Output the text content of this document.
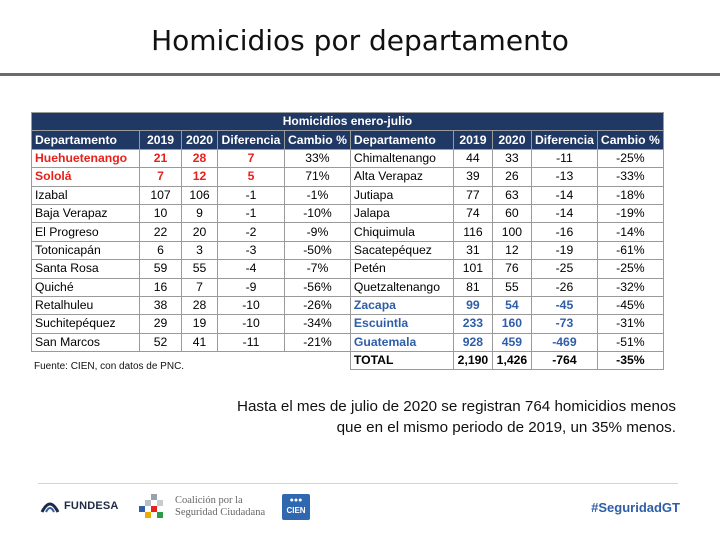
Homicidios por departamento
Homicidios enero-julio									
Departamento	2019	2020	Diferencia	Cambio %	Departamento	2019	2020	Diferencia	Cambio %
Huehuetenango	21	28	7	33%	Chimaltenango	44	33	-11	-25%
Sololá	7	12	5	71%	Alta Verapaz	39	26	-13	-33%
Izabal	107	106	-1	-1%	Jutiapa	77	63	-14	-18%
Baja Verapaz	10	9	-1	-10%	Jalapa	74	60	-14	-19%
El Progreso	22	20	-2	-9%	Chiquimula	116	100	-16	-14%
Totonicapán	6	3	-3	-50%	Sacatepéquez	31	12	-19	-61%
Santa Rosa	59	55	-4	-7%	Petén	101	76	-25	-25%
Quiché	16	7	-9	-56%	Quetzaltenango	81	55	-26	-32%
Retalhuleu	38	28	-10	-26%	Zacapa	99	54	-45	-45%
Suchitepéquez	29	19	-10	-34%	Escuintla	233	160	-73	-31%
San Marcos	52	41	-11	-21%	Guatemala	928	459	-469	-51%
					TOTAL	2,190	1,426	-764	-35%
Fuente: CIEN, con datos de PNC.
Hasta el mes de julio de 2020 se registran 764 homicidios menos
que en el mismo periodo de 2019, un 35% menos.
FUNDESA	Coalición por la
Seguridad Ciudadana
●●●
CIEN	#SeguridadGT
